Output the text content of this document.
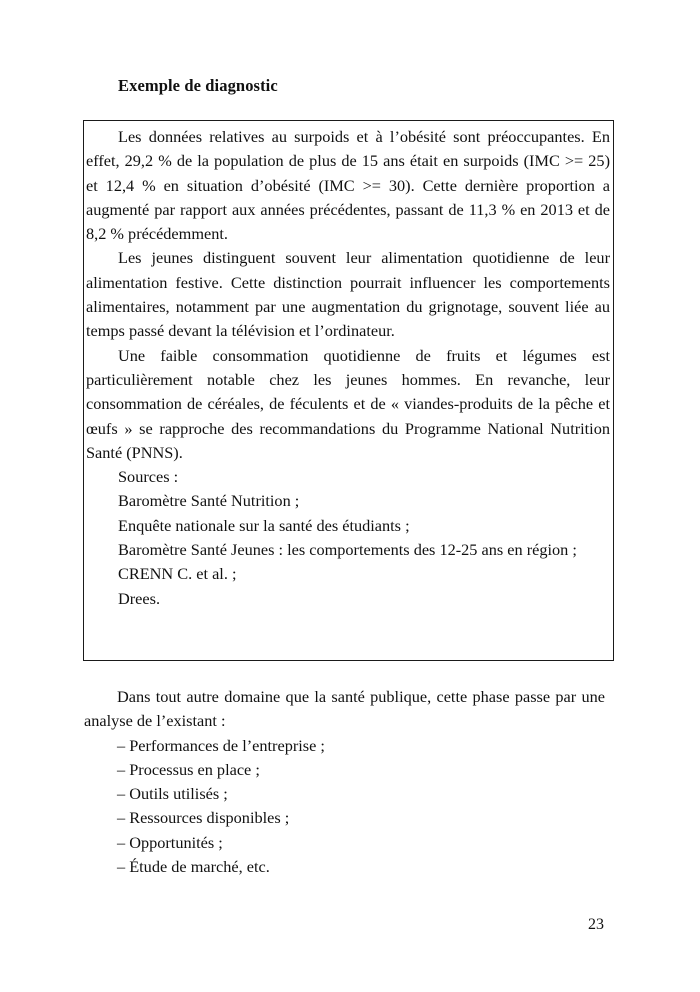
Exemple de diagnostic

Les données relatives au surpoids et à l’obésité sont préoccupantes. En effet, 29,2 % de la population de plus de 15 ans était en surpoids (IMC >= 25) et 12,4 % en situation d’obésité (IMC >= 30). Cette dernière proportion a augmenté par rapport aux années précédentes, passant de 11,3 % en 2013 et de 8,2 % précédemment.

Les jeunes distinguent souvent leur alimentation quotidienne de leur alimentation festive. Cette distinction pourrait influencer les comportements alimentaires, notamment par une augmentation du grignotage, souvent liée au temps passé devant la télévision et l’ordinateur.

Une faible consommation quotidienne de fruits et légumes est particulièrement notable chez les jeunes hommes. En revanche, leur consommation de céréales, de féculents et de « viandes-produits de la pêche et œufs » se rapproche des recommandations du Programme National Nutrition Santé (PNNS).

Sources :

Baromètre Santé Nutrition ;

Enquête nationale sur la santé des étudiants ;

Baromètre Santé Jeunes : les comportements des 12-25 ans en région ;

CRENN C. et al. ;

Drees.

Dans tout autre domaine que la santé publique, cette phase passe par une analyse de l’existant :

– Performances de l’entreprise ;
– Processus en place ;
– Outils utilisés ;
– Ressources disponibles ;
– Opportunités ;
– Étude de marché, etc.
23
